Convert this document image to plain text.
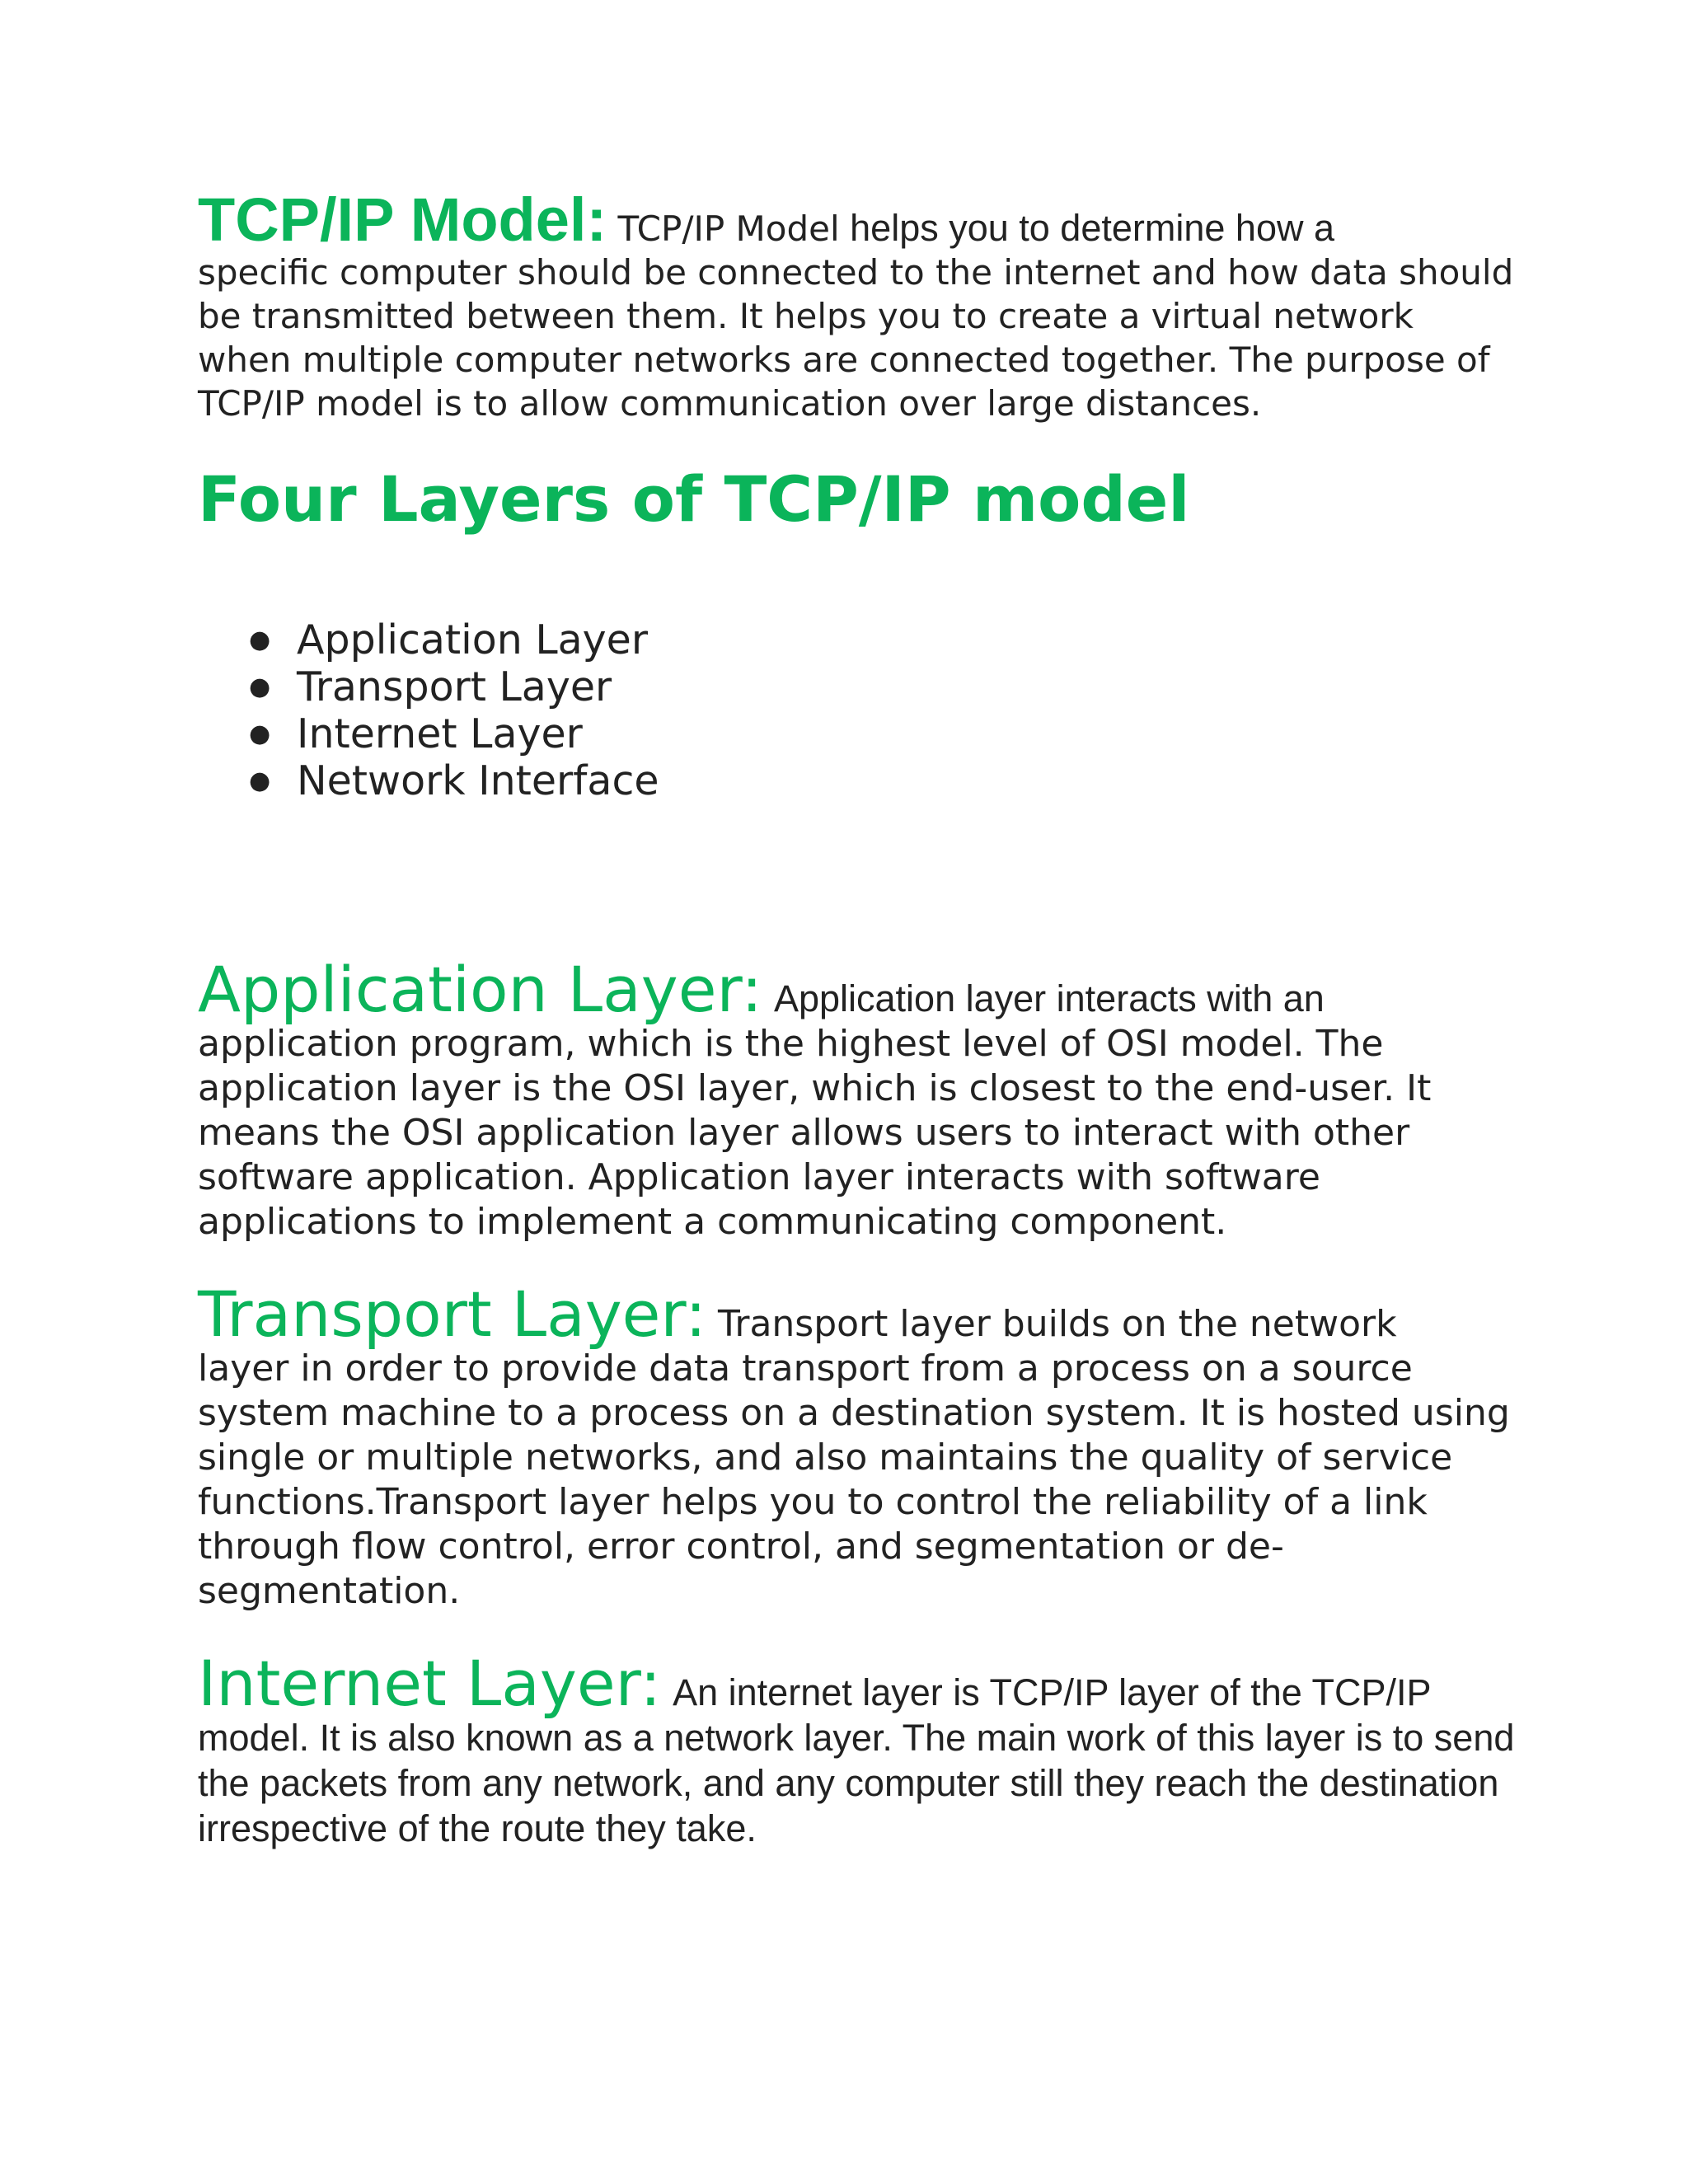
TCP/IP Model: TCP/IP Model helps you to determine how a
specific computer should be connected to the internet and how data should be transmitted between them. It helps you to create a virtual network when multiple computer networks are connected together. The purpose of TCP/IP model is to allow communication over large distances.

Four Layers of TCP/IP model
● Application Layer
● Transport Layer
● Internet Layer
● Network Interface

Application Layer: Application layer interacts with an
application program, which is the highest level of OSI model. The application layer is the OSI layer, which is closest to the end-user. It means the OSI application layer allows users to interact with other software application. Application layer interacts with software applications to implement a communicating component.

Transport Layer: Transport layer builds on the network
layer in order to provide data transport from a process on a source system machine to a process on a destination system. It is hosted using single or multiple networks, and also maintains the quality of service functions.Transport layer helps you to control the reliability of a link through flow control, error control, and segmentation or de-segmentation.

Internet Layer: An internet layer is TCP/IP layer of the TCP/IP
model. It is also known as a network layer. The main work of this layer is to send the packets from any network, and any computer still they reach the destination irrespective of the route they take.
